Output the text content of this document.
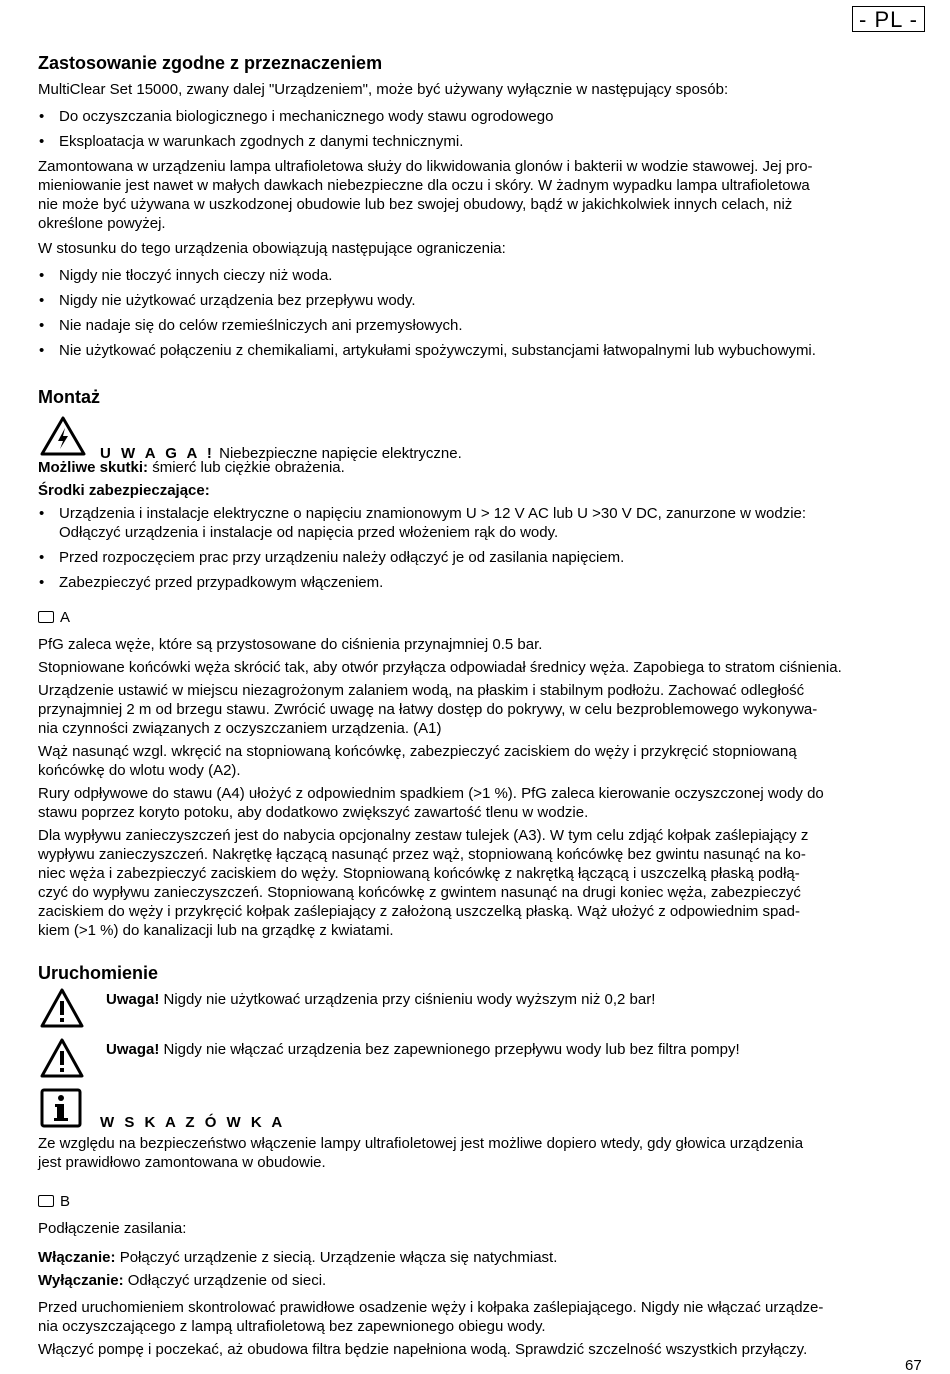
- PL -
Zastosowanie zgodne z przeznaczeniem

MultiClear Set 15000, zwany dalej "Urządzeniem", może być używany wyłącznie w następujący sposób:

• Do oczyszczania biologicznego i mechanicznego wody stawu ogrodowego
• Eksploatacja w warunkach zgodnych z danymi technicznymi.

Zamontowana w urządzeniu lampa ultrafioletowa służy do likwidowania glonów i bakterii w wodzie stawowej. Jej pro-
mieniowanie jest nawet w małych dawkach niebezpieczne dla oczu i skóry. W żadnym wypadku lampa ultrafioletowa
nie może być używana w uszkodzonej obudowie lub bez swojej obudowy, bądź w jakichkolwiek innych celach, niż
określone powyżej.

W stosunku do tego urządzenia obowiązują następujące ograniczenia:

• Nigdy nie tłoczyć innych cieczy niż woda.
• Nigdy nie użytkować urządzenia bez przepływu wody.
• Nie nadaje się do celów rzemieślniczych ani przemysłowych.
• Nie użytkować połączeniu z chemikaliami, artykułami spożywczymi, substancjami łatwopalnymi lub wybuchowymi.
Montaż
U W A G A ! Niebezpieczne napięcie elektryczne.

Możliwe skutki: śmierć lub ciężkie obrażenia.

Środki zabezpieczające:

• Urządzenia i instalacje elektryczne o napięciu znamionowym U > 12 V AC lub U >30 V DC, zanurzone w wodzie:
Odłączyć urządzenia i instalacje od napięcia przed włożeniem rąk do wody.
• Przed rozpoczęciem prac przy urządzeniu należy odłączyć je od zasilania napięciem.
• Zabezpieczyć przed przypadkowym włączeniem.

A

PfG zaleca węże, które są przystosowane do ciśnienia przynajmniej 0.5 bar.

Stopniowane końcówki węża skrócić tak, aby otwór przyłącza odpowiadał średnicy węża. Zapobiega to stratom ciśnienia.

Urządzenie ustawić w miejscu niezagrożonym zalaniem wodą, na płaskim i stabilnym podłożu. Zachować odległość
przynajmniej 2 m od brzegu stawu. Zwrócić uwagę na łatwy dostęp do pokrywy, w celu bezproblemowego wykonywa-
nia czynności związanych z oczyszczaniem urządzenia. (A1)

Wąż nasunąć wzgl. wkręcić na stopniowaną końcówkę, zabezpieczyć zaciskiem do węży i przykręcić stopniowaną
końcówkę do wlotu wody (A2).

Rury odpływowe do stawu (A4) ułożyć z odpowiednim spadkiem (>1 %). PfG zaleca kierowanie oczyszczonej wody do
stawu poprzez koryto potoku, aby dodatkowo zwiększyć zawartość tlenu w wodzie.

Dla wypływu zanieczyszczeń jest do nabycia opcjonalny zestaw tulejek (A3). W tym celu zdjąć kołpak zaślepiający z
wypływu zanieczyszczeń. Nakrętkę łączącą nasunąć przez wąż, stopniowaną końcówkę bez gwintu nasunąć na ko-
niec węża i zabezpieczyć zaciskiem do węży. Stopniowaną końcówkę z nakrętką łączącą i uszczelką płaską podłą-
czyć do wypływu zanieczyszczeń. Stopniowaną końcówkę z gwintem nasunąć na drugi koniec węża, zabezpieczyć
zaciskiem do węży i przykręcić kołpak zaślepiający z założoną uszczelką płaską. Wąż ułożyć z odpowiednim spad-
kiem (>1 %) do kanalizacji lub na grządkę z kwiatami.

Uruchomienie
Uwaga! Nigdy nie użytkować urządzenia przy ciśnieniu wody wyższym niż 0,2 bar!
Uwaga! Nigdy nie włączać urządzenia bez zapewnionego przepływu wody lub bez filtra pompy!
W S K A Z Ó W K A

Ze względu na bezpieczeństwo włączenie lampy ultrafioletowej jest możliwe dopiero wtedy, gdy głowica urządzenia
jest prawidłowo zamontowana w obudowie.

B

Podłączenie zasilania:

Włączanie: Połączyć urządzenie z siecią. Urządzenie włącza się natychmiast.

Wyłączanie: Odłączyć urządzenie od sieci.

Przed uruchomieniem skontrolować prawidłowe osadzenie węży i kołpaka zaślepiającego. Nigdy nie włączać urządze-
nia oczyszczającego z lampą ultrafioletową bez zapewnionego obiegu wody.

Włączyć pompę i poczekać, aż obudowa filtra będzie napełniona wodą. Sprawdzić szczelność wszystkich przyłączy.

67
